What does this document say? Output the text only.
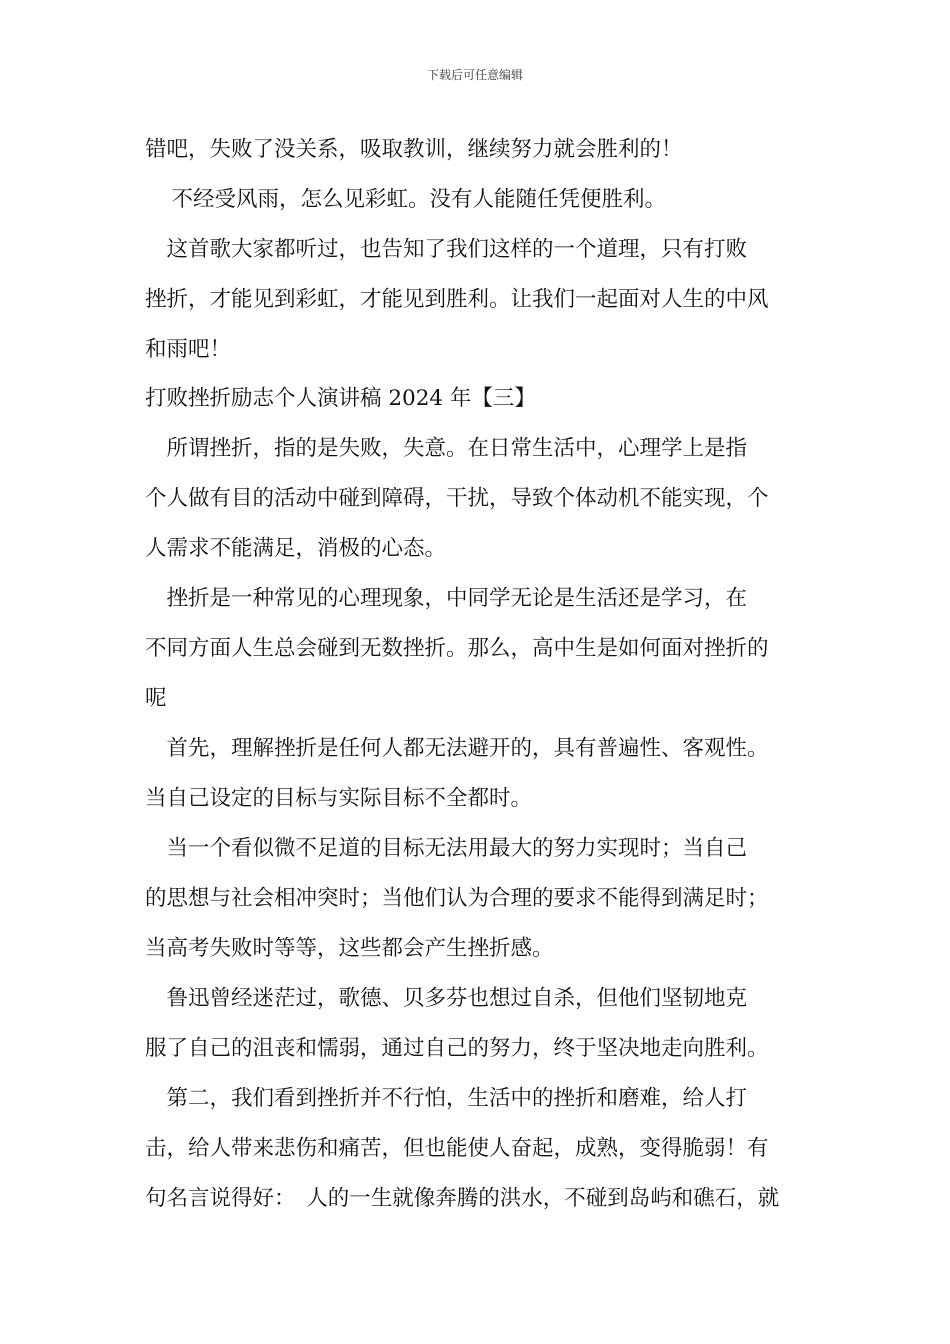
下载后可任意编辑
错吧，失败了没关系，吸取教训，继续努力就会胜利的！
　不经受风雨，怎么见彩虹。没有人能随任凭便胜利。
　这首歌大家都听过，也告知了我们这样的一个道理，只有打败
挫折，才能见到彩虹，才能见到胜利。让我们一起面对人生的中风
和雨吧！
打败挫折励志个人演讲稿 2024 年【三】
　所谓挫折，指的是失败，失意。在日常生活中，心理学上是指
个人做有目的活动中碰到障碍，干扰，导致个体动机不能实现，个
人需求不能满足，消极的心态。
　挫折是一种常见的心理现象，中同学无论是生活还是学习，在
不同方面人生总会碰到无数挫折。那么，高中生是如何面对挫折的
呢
　首先，理解挫折是任何人都无法避开的，具有普遍性、客观性。
当自己设定的目标与实际目标不全都时。
　当一个看似微不足道的目标无法用最大的努力实现时；当自己
的思想与社会相冲突时；当他们认为合理的要求不能得到满足时；
当高考失败时等等，这些都会产生挫折感。
　鲁迅曾经迷茫过，歌德、贝多芬也想过自杀，但他们坚韧地克
服了自己的沮丧和懦弱，通过自己的努力，终于坚决地走向胜利。
　第二，我们看到挫折并不行怕，生活中的挫折和磨难，给人打
击，给人带来悲伤和痛苦，但也能使人奋起，成熟，变得脆弱！有
句名言说得好：　人的一生就像奔腾的洪水，不碰到岛屿和礁石，就
